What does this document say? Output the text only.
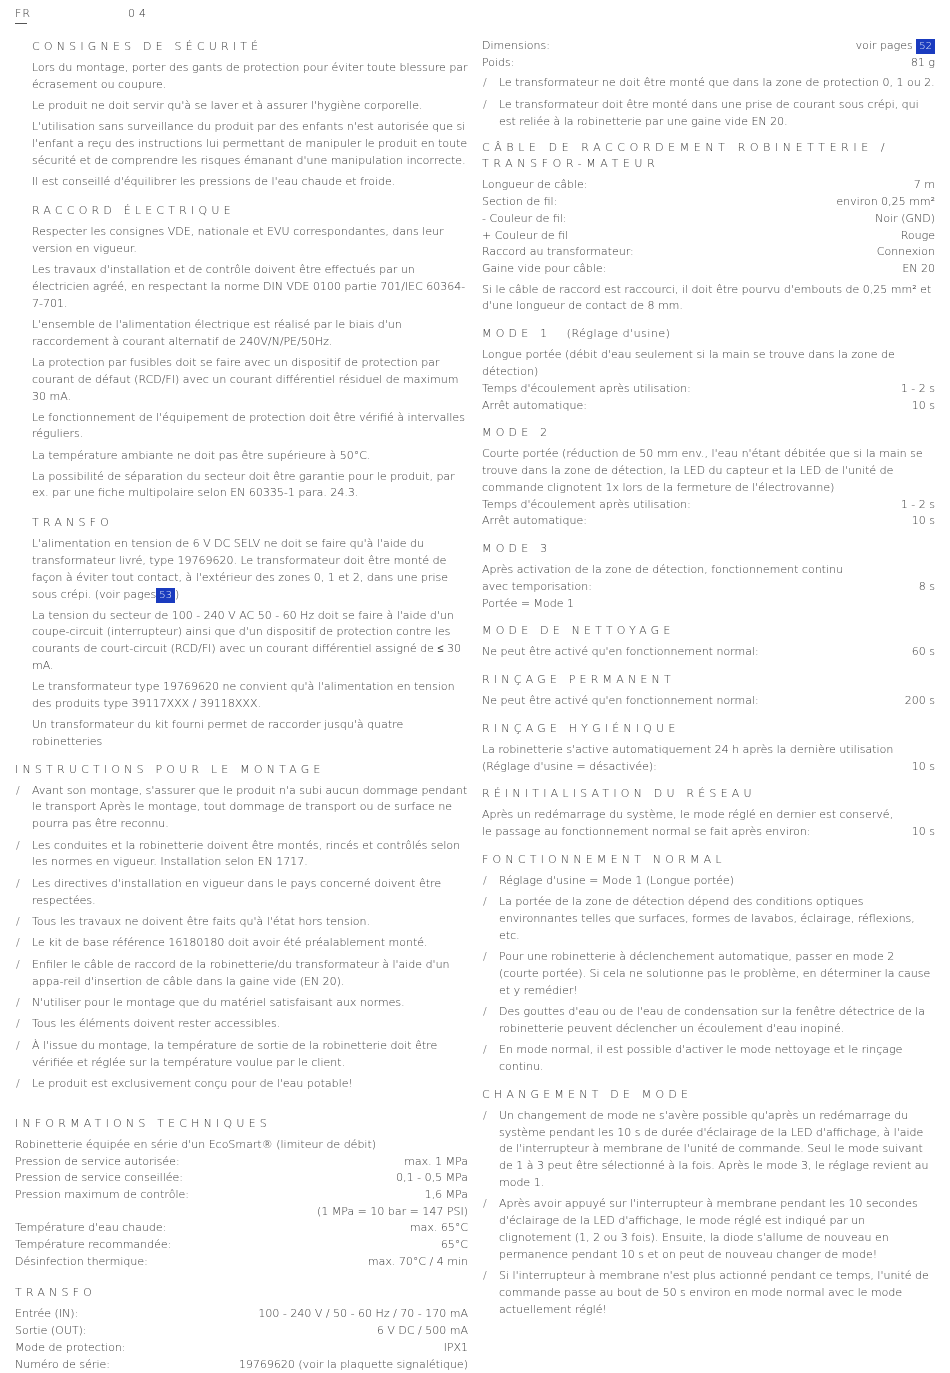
FR	04
CONSIGNES DE SÉCURITÉ
Lors du montage, porter des gants de protection pour éviter toute blessure par écrasement ou coupure.
Le produit ne doit servir qu'à se laver et à assurer l'hygiène corporelle.
L'utilisation sans surveillance du produit par des enfants n'est autorisée que si l'enfant a reçu des instructions lui permettant de manipuler le produit en toute sécurité et de comprendre les risques émanant d'une manipulation incorrecte.
Il est conseillé d'équilibrer les pressions de l'eau chaude et froide.
RACCORD ÉLECTRIQUE
Respecter les consignes VDE, nationale et EVU correspondantes, dans leur version en vigueur.
Les travaux d'installation et de contrôle doivent être effectués par un électricien agréé, en respectant la norme DIN VDE 0100 partie 701/IEC 60364-7-701.
L'ensemble de l'alimentation électrique est réalisé par le biais d'un raccordement à courant alternatif de 240V/N/PE/50Hz.
La protection par fusibles doit se faire avec un dispositif de protection par courant de défaut (RCD/FI) avec un courant différentiel résiduel de maximum 30 mA.
Le fonctionnement de l'équipement de protection doit être vérifié à intervalles réguliers.
La température ambiante ne doit pas être supérieure à 50°C.
La possibilité de séparation du secteur doit être garantie pour le produit, par ex. par une fiche multipolaire selon EN 60335-1 para. 24.3.
TRANSFO
L'alimentation en tension de 6 V DC SELV ne doit se faire qu'à l'aide du transformateur livré, type 19769620. Le transformateur doit être monté de façon à éviter tout contact, à l'extérieur des zones 0, 1 et 2, dans une prise sous crépi. (voir pages 53 )
La tension du secteur de 100 - 240 V AC 50 - 60 Hz doit se faire à l'aide d'un coupe-circuit (interrupteur) ainsi que d'un dispositif de protection contre les courants de court-circuit (RCD/FI) avec un courant différentiel assigné de ≤ 30 mA.
Le transformateur type 19769620 ne convient qu'à l'alimentation en tension des produits type 39117XXX / 39118XXX.
Un transformateur du kit fourni permet de raccorder jusqu'à quatre robinetteries
INSTRUCTIONS POUR LE MONTAGE
/ Avant son montage, s'assurer que le produit n'a subi aucun dommage pendant le transport Après le montage, tout dommage de transport ou de surface ne pourra pas être reconnu.
/ Les conduites et la robinetterie doivent être montés, rincés et contrôlés selon les normes en vigueur. Installation selon EN 1717.
/ Les directives d'installation en vigueur dans le pays concerné doivent être respectées.
/ Tous les travaux ne doivent être faits qu'à l'état hors tension.
/ Le kit de base référence 16180180 doit avoir été préalablement monté.
/ Enfiler le câble de raccord de la robinetterie/du transformateur à l'aide d'un appa-reil d'insertion de câble dans la gaine vide (EN 20).
/ N'utiliser pour le montage que du matériel satisfaisant aux normes.
/ Tous les éléments doivent rester accessibles.
/ À l'issue du montage, la température de sortie de la robinetterie doit être vérifiée et réglée sur la température voulue par le client.
/ Le produit est exclusivement conçu pour de l'eau potable!
INFORMATIONS TECHNIQUES
Robinetterie équipée en série d'un EcoSmart® (limiteur de débit)
Pression de service autorisée:	max. 1 MPa
Pression de service conseillée:	0,1 - 0,5 MPa
Pression maximum de contrôle:	1,6 MPa
(1 MPa = 10 bar = 147 PSI)
Température d'eau chaude:	max. 65°C
Température recommandée:	65°C
Désinfection thermique:	max. 70°C / 4 min
TRANSFO
Entrée (IN):	100 - 240 V / 50 - 60 Hz / 70 - 170 mA
Sortie (OUT):	6 V DC / 500 mA
Mode de protection:	IPX1
Numéro de série:	19769620 (voir la plaquette signalétique)
Dimensions:	voir pages 52
Poids:	81 g
/ Le transformateur ne doit être monté que dans la zone de protection 0, 1 ou 2.
/ Le transformateur doit être monté dans une prise de courant sous crépi, qui est reliée à la robinetterie par une gaine vide EN 20.
CÂBLE DE RACCORDEMENT ROBINETTERIE / TRANSFOR-MATEUR
Longueur de câble:	7 m
Section de fil:	environ 0,25 mm²
- Couleur de fil:	Noir (GND)
+ Couleur de fil	Rouge
Raccord au transformateur:	Connexion
Gaine vide pour câble:	EN 20
Si le câble de raccord est raccourci, il doit être pourvu d'embouts de 0,25 mm² et d'une longueur de contact de 8 mm.
MODE 1 (Réglage d'usine)
Longue portée (débit d'eau seulement si la main se trouve dans la zone de détection)
Temps d'écoulement après utilisation:	1 - 2 s
Arrêt automatique:	10 s
MODE 2
Courte portée (réduction de 50 mm env., l'eau n'étant débitée que si la main se trouve dans la zone de détection, la LED du capteur et la LED de l'unité de commande clignotent 1x lors de la fermeture de l'électrovanne)
Temps d'écoulement après utilisation:	1 - 2 s
Arrêt automatique:	10 s
MODE 3
Après activation de la zone de détection, fonctionnement continu
avec temporisation:	8 s
Portée = Mode 1
MODE DE NETTOYAGE
Ne peut être activé qu'en fonctionnement normal:	60 s
RINÇAGE PERMANENT
Ne peut être activé qu'en fonctionnement normal:	200 s
RINÇAGE HYGIÉNIQUE
La robinetterie s'active automatiquement 24 h après la dernière utilisation
(Réglage d'usine = désactivée):	10 s
RÉINITIALISATION DU RÉSEAU
Après un redémarrage du système, le mode réglé en dernier est conservé,
le passage au fonctionnement normal se fait après environ:	10 s
FONCTIONNEMENT NORMAL
/ Réglage d'usine = Mode 1 (Longue portée)
/ La portée de la zone de détection dépend des conditions optiques environnantes telles que surfaces, formes de lavabos, éclairage, réflexions, etc.
/ Pour une robinetterie à déclenchement automatique, passer en mode 2 (courte portée). Si cela ne solutionne pas le problème, en déterminer la cause et y remédier!
/ Des gouttes d'eau ou de l'eau de condensation sur la fenêtre détectrice de la robinetterie peuvent déclencher un écoulement d'eau inopiné.
/ En mode normal, il est possible d'activer le mode nettoyage et le rinçage continu.
CHANGEMENT DE MODE
/ Un changement de mode ne s'avère possible qu'après un redémarrage du système pendant les 10 s de durée d'éclairage de la LED d'affichage, à l'aide de l'interrupteur à membrane de l'unité de commande. Seul le mode suivant de 1 à 3 peut être sélectionné à la fois. Après le mode 3, le réglage revient au mode 1.
/ Après avoir appuyé sur l'interrupteur à membrane pendant les 10 secondes d'éclairage de la LED d'affichage, le mode réglé est indiqué par un clignotement (1, 2 ou 3 fois). Ensuite, la diode s'allume de nouveau en permanence pendant 10 s et on peut de nouveau changer de mode!
/ Si l'interrupteur à membrane n'est plus actionné pendant ce temps, l'unité de commande passe au bout de 50 s environ en mode normal avec le mode actuellement réglé!
